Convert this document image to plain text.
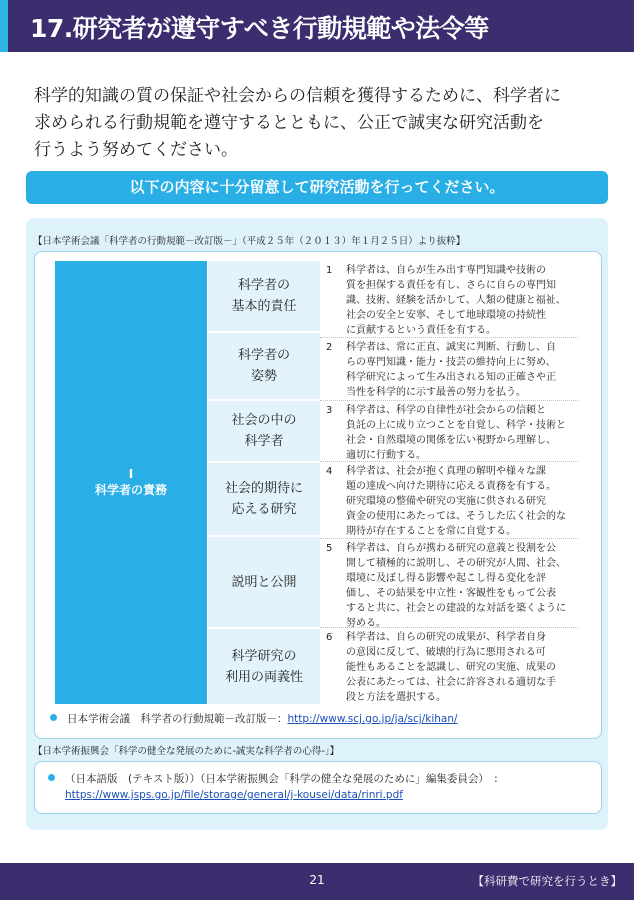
17.研究者が遵守すべき行動規範や法令等
科学的知識の質の保証や社会からの信頼を獲得するために、科学者に
求められる行動規範を遵守するとともに、公正で誠実な研究活動を
行うよう努めてください。
以下の内容に十分留意して研究活動を行ってください。
【日本学術会議「科学者の行動規範－改訂版－」（平成２５年（２０１３）年１月２５日）より抜粋】
Ⅰ
科学者の責務
科学者の
基本的責任
1	科学者は、自らが生み出す専門知識や技術の
質を担保する責任を有し、さらに自らの専門知
識、技術、経験を活かして、人類の健康と福祉、
社会の安全と安寧、そして地球環境の持続性
に貢献するという責任を有する。
科学者の
姿勢
2	科学者は、常に正直、誠実に判断、行動し、自
らの専門知識・能力・技芸の維持向上に努め、
科学研究によって生み出される知の正確さや正
当性を科学的に示す最善の努力を払う。
社会の中の
科学者
3	科学者は、科学の自律性が社会からの信頼と
負託の上に成り立つことを自覚し、科学・技術と
社会・自然環境の関係を広い視野から理解し、
適切に行動する。
社会的期待に
応える研究
4	科学者は、社会が抱く真理の解明や様々な課
題の達成へ向けた期待に応える責務を有する。
研究環境の整備や研究の実施に供される研究
資金の使用にあたっては、そうした広く社会的な
期待が存在することを常に自覚する。
説明と公開
5	科学者は、自らが携わる研究の意義と役割を公
開して積極的に説明し、その研究が人間、社会、
環境に及ぼし得る影響や起こし得る変化を評
価し、その結果を中立性・客観性をもって公表
すると共に、社会との建設的な対話を築くように
努める。
科学研究の
利用の両義性
6	科学者は、自らの研究の成果が、科学者自身
の意図に反して、破壊的行為に悪用される可
能性もあることを認識し、研究の実施、成果の
公表にあたっては、社会に許容される適切な手
段と方法を選択する。
日本学術会議　科学者の行動規範－改訂版－：http://www.scj.go.jp/ja/scj/kihan/
【日本学術振興会「科学の健全な発展のために-誠実な科学者の心得-」】
（日本語版　(テキスト版））（日本学術振興会「科学の健全な発展のために」編集委員会）　:
https://www.jsps.go.jp/file/storage/general/j-kousei/data/rinri.pdf
21	【科研費で研究を行うとき】
